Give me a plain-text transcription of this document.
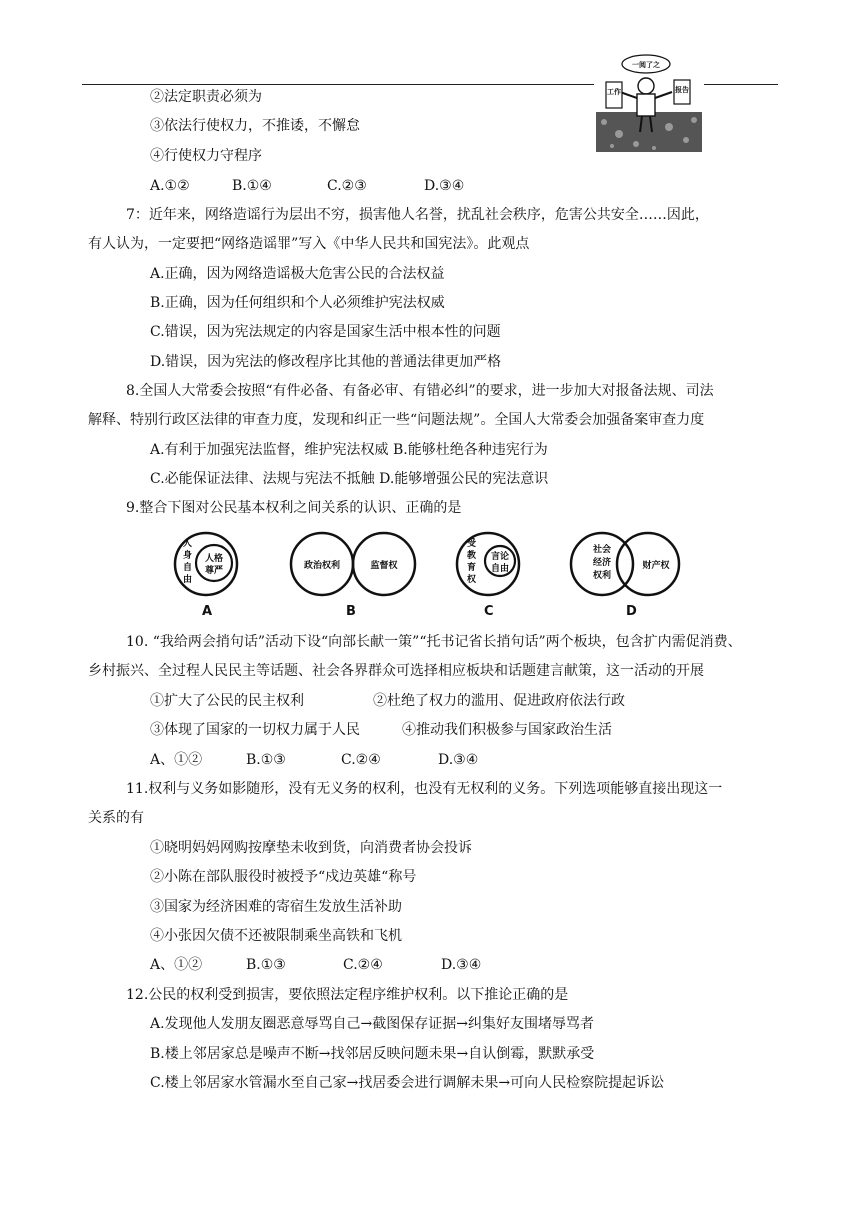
一阅了之
工作	报告
②法定职责必须为
③依法行使权力，不推诿，不懈怠
④行使权力守程序
A.①②	B.①④	C.②③	D.③④
7：近年来，网络造谣行为层出不穷，损害他人名誉，扰乱社会秩序，危害公共安全……因此，
有人认为，一定要把“网络造谣罪”写入《中华人民共和国宪法》。此观点
A.正确，因为网络造谣极大危害公民的合法权益
B.正确，因为任何组织和个人必须维护宪法权威
C.错误，因为宪法规定的内容是国家生活中根本性的问题
D.错误，因为宪法的修改程序比其他的普通法律更加严格
8.全国人大常委会按照“有件必备、有备必审、有错必纠”的要求，进一步加大对报备法规、司法
解释、特别行政区法律的审查力度，发现和纠正一些“问题法规”。全国人大常委会加强备案审查力度
A.有利于加强宪法监督，维护宪法权威 B.能够杜绝各种违宪行为
C.必能保证法律、法规与宪法不抵触 D.能够增强公民的宪法意识
9.整合下图对公民基本权利之间关系的认识、正确的是
人
身
自
由
人格
尊严
A
政治权利	监督权
B
受
教
育
权
言论
自由
C
社会
经济
权利
财产权
D
10. “我给两会捎句话”活动下设“向部长献一策”“托书记省长捎句话”两个板块，包含扩内需促消费、
乡村振兴、全过程人民民主等话题、社会各界群众可选择相应板块和话题建言献策，这一活动的开展
①扩大了公民的民主权利	②杜绝了权力的滥用、促进政府依法行政
③体现了国家的一切权力属于人民	④推动我们积极参与国家政治生活
A、①②	B.①③	C.②④	D.③④
11.权利与义务如影随形，没有无义务的权利，也没有无权利的义务。下列选项能够直接出现这一
关系的有
①晓明妈妈网购按摩垫未收到货，向消费者协会投诉
②小陈在部队服役时被授予“戍边英雄“称号
③国家为经济困难的寄宿生发放生活补助
④小张因欠债不还被限制乘坐高铁和飞机
A、①②	B.①③	C.②④	D.③④
12.公民的权利受到损害，要依照法定程序维护权利。以下推论正确的是
A.发现他人发朋友圈恶意辱骂自己→截图保存证据→纠集好友围堵辱骂者
B.楼上邻居家总是噪声不断→找邻居反映问题未果→自认倒霉，默默承受
C.楼上邻居家水管漏水至自己家→找居委会进行调解未果→可向人民检察院提起诉讼
